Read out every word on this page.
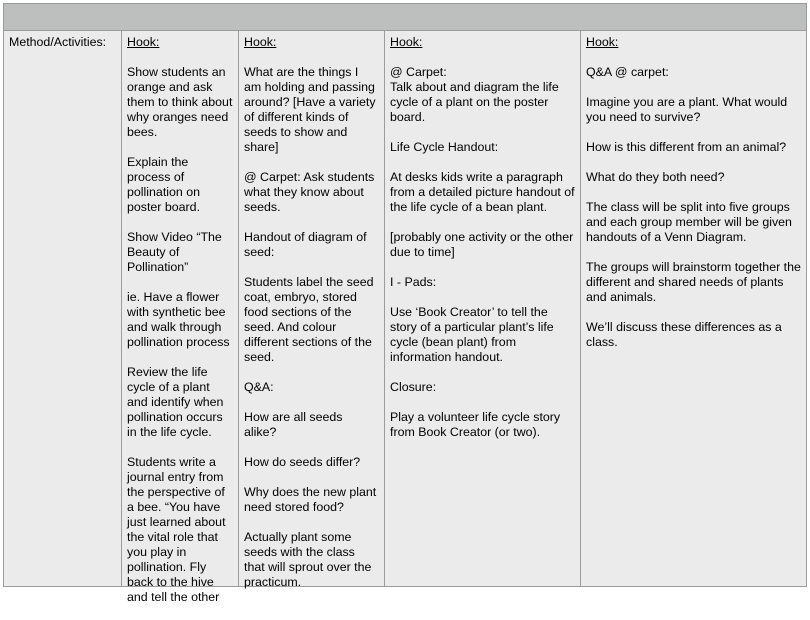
Method/Activities:	Hook:

Show students an
orange and ask
them to think about
why oranges need
bees.

Explain the
process of
pollination on
poster board.

Show Video “The
Beauty of
Pollination”

ie. Have a flower
with synthetic bee
and walk through
pollination process

Review the life
cycle of a plant
and identify when
pollination occurs
in the life cycle.

Students write a
journal entry from
the perspective of
a bee. “You have
just learned about
the vital role that
you play in
pollination. Fly
back to the hive
and tell the other

Hook:

What are the things I
am holding and passing
around? [Have a variety
of different kinds of
seeds to show and
share]

@ Carpet: Ask students
what they know about
seeds.

Handout of diagram of
seed:

Students label the seed
coat, embryo, stored
food sections of the
seed. And colour
different sections of the
seed.

Q&A:

How are all seeds
alike?

How do seeds differ?

Why does the new plant
need stored food?

Actually plant some
seeds with the class
that will sprout over the
practicum.

Hook:

@ Carpet:
Talk about and diagram the life
cycle of a plant on the poster
board.

Life Cycle Handout:

At desks kids write a paragraph
from a detailed picture handout of
the life cycle of a bean plant.

[probably one activity or the other
due to time]

I - Pads:

Use ‘Book Creator’ to tell the
story of a particular plant’s life
cycle (bean plant) from
information handout.

Closure:

Play a volunteer life cycle story
from Book Creator (or two).

Hook:

Q&A @ carpet:

Imagine you are a plant. What would
you need to survive?

How is this different from an animal?

What do they both need?

The class will be split into five groups
and each group member will be given
handouts of a Venn Diagram.

The groups will brainstorm together the
different and shared needs of plants
and animals.

We’ll discuss these differences as a
class.
